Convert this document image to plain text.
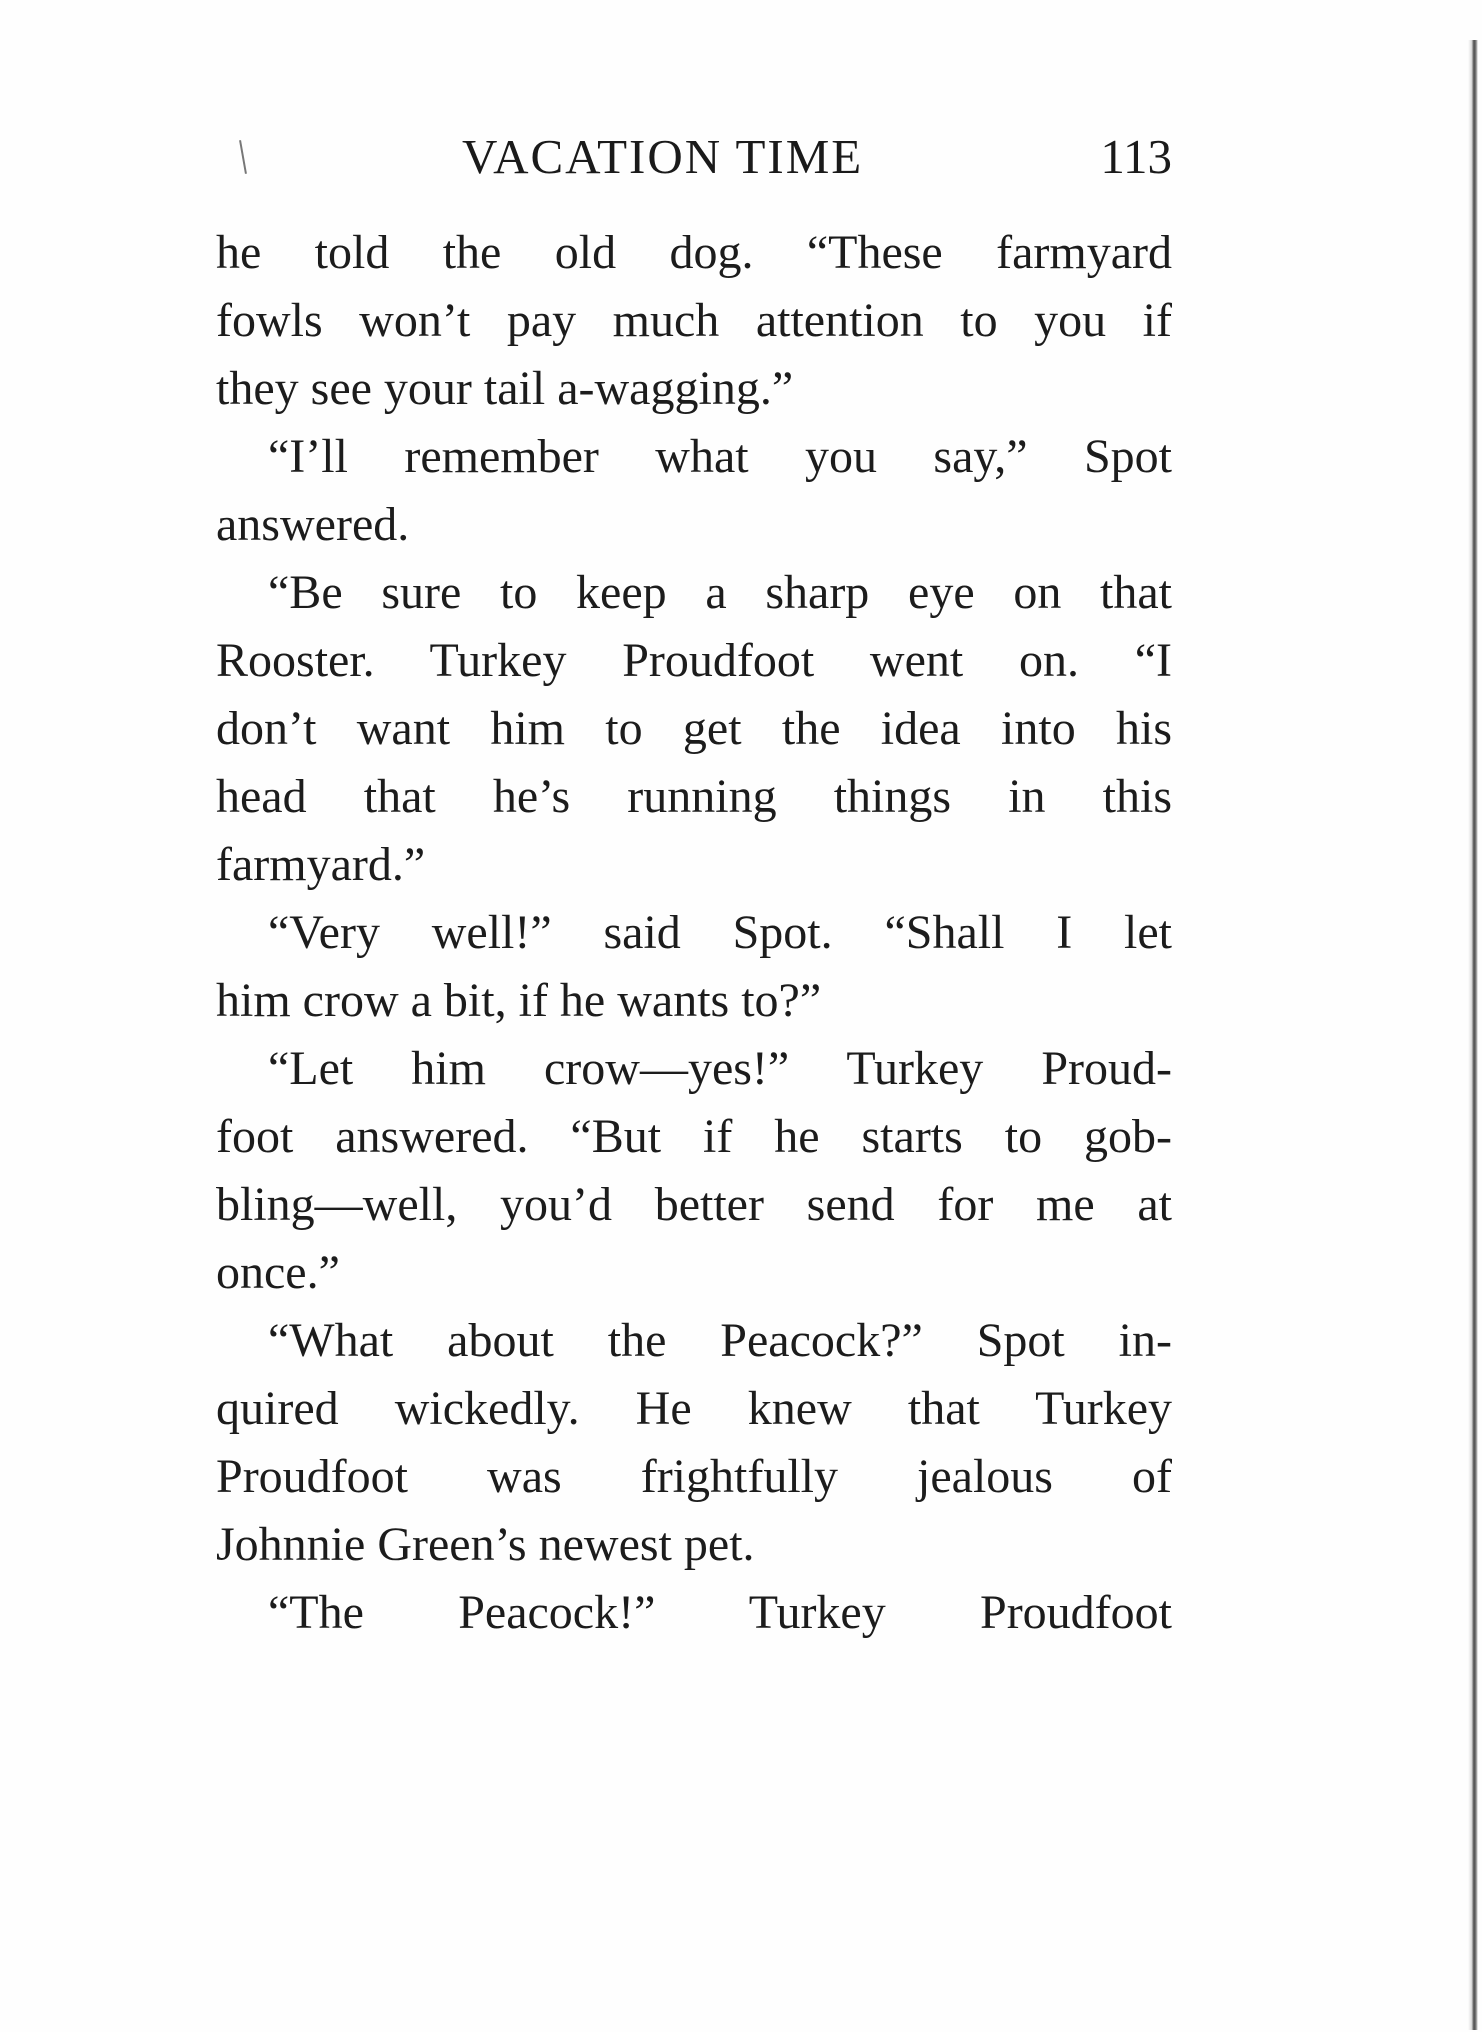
VACATION TIME	113
he told the old dog. “These farmyard
fowls won’t pay much attention to you if
they see your tail a-wagging.”
“I’ll remember what you say,” Spot
answered.
“Be sure to keep a sharp eye on that
Rooster. Turkey Proudfoot went on. “I
don’t want him to get the idea into his
head that he’s running things in this
farmyard.”
“Very well!” said Spot. “Shall I let
him crow a bit, if he wants to?”
“Let him crow—yes!” Turkey Proud-
foot answered. “But if he starts to gob-
bling—well, you’d better send for me at
once.”
“What about the Peacock?” Spot in-
quired wickedly. He knew that Turkey
Proudfoot was frightfully jealous of
Johnnie Green’s newest pet.
“The Peacock!” Turkey Proudfoot
